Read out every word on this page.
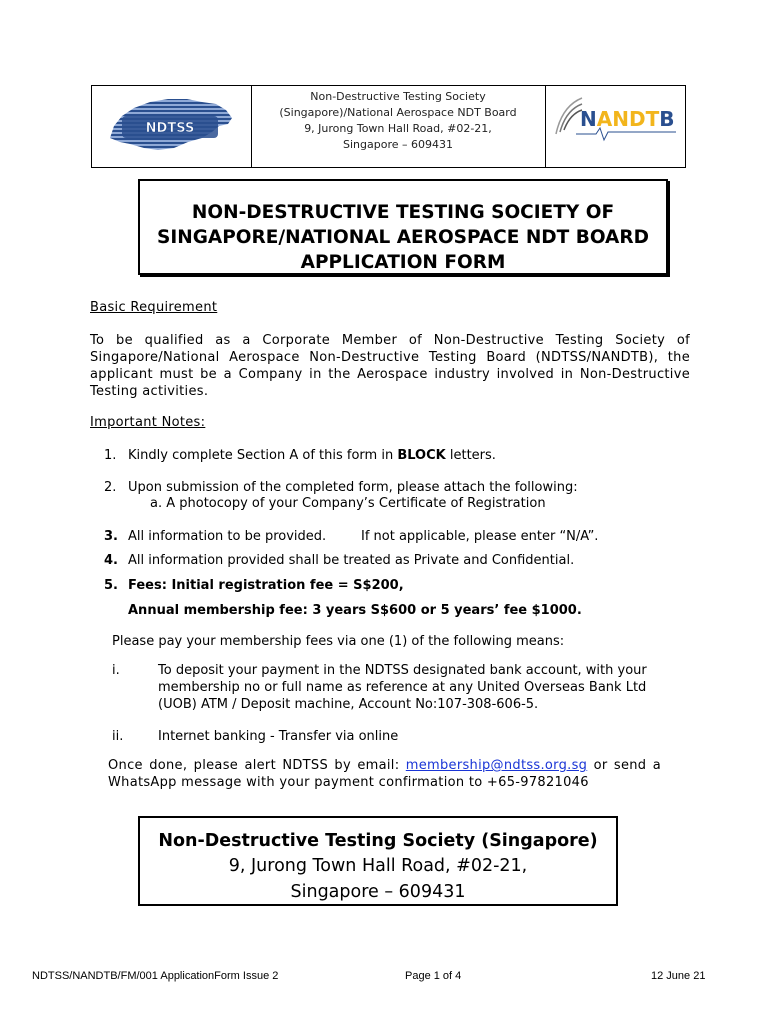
NDTSS
Non-Destructive Testing Society
(Singapore)/National Aerospace NDT Board
9, Jurong Town Hall Road, #02-21,
Singapore – 609431
NANDTB
NON-DESTRUCTIVE TESTING SOCIETY OF
SINGAPORE/NATIONAL AEROSPACE NDT BOARD
APPLICATION FORM
Basic Requirement
To be qualified as a Corporate Member of Non-Destructive Testing Society of Singapore/National Aerospace Non-Destructive Testing Board (NDTSS/NANDTB), the applicant must be a Company in the Aerospace industry involved in Non-Destructive Testing activities.
Important Notes:
1. Kindly complete Section A of this form in BLOCK letters.
2. Upon submission of the completed form, please attach the following:
a. A photocopy of your Company’s Certificate of Registration
3. All information to be provided.	If not applicable, please enter “N/A”.
4. All information provided shall be treated as Private and Confidential.
5. Fees: Initial registration fee = S$200,
Annual membership fee: 3 years S$600 or 5 years’ fee $1000.
Please pay your membership fees via one (1) of the following means:
i.	To deposit your payment in the NDTSS designated bank account, with your membership no or full name as reference at any United Overseas Bank Ltd (UOB) ATM / Deposit machine, Account No:107-308-606-5.
ii.	Internet banking - Transfer via online
Once done, please alert NDTSS by email: membership@ndtss.org.sg or send a WhatsApp message with your payment confirmation to +65-97821046
Non-Destructive Testing Society (Singapore)
9, Jurong Town Hall Road, #02-21,
Singapore – 609431
NDTSS/NANDTB/FM/001 ApplicationForm Issue 2	Page 1 of 4	12 June 21
